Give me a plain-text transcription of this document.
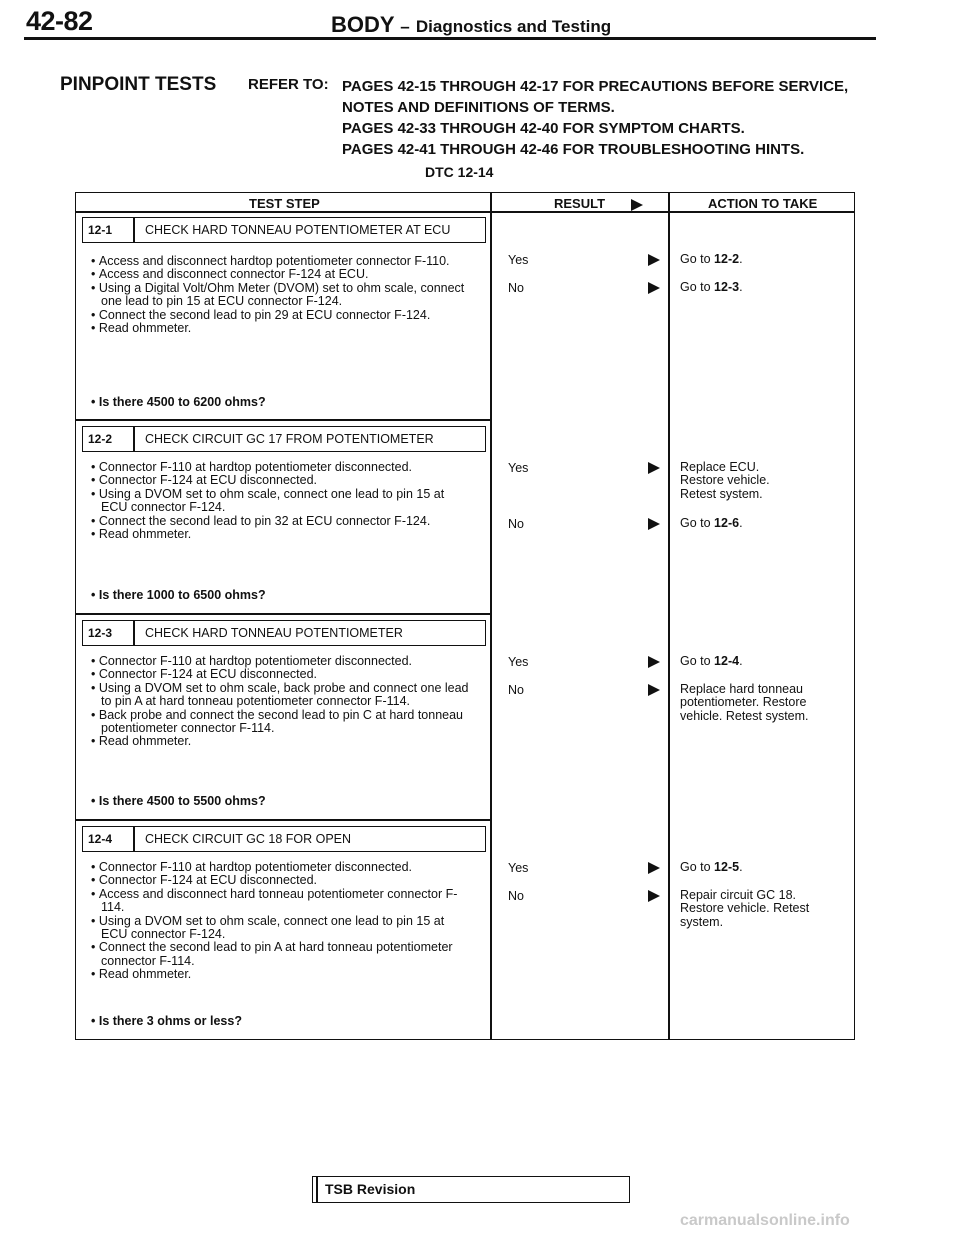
42-82	BODY – Diagnostics and Testing
PINPOINT TESTS REFER TO: PAGES 42-15 THROUGH 42-17 FOR PRECAUTIONS BEFORE SERVICE,
NOTES AND DEFINITIONS OF TERMS.
PAGES 42-33 THROUGH 42-40 FOR SYMPTOM CHARTS.
PAGES 42-41 THROUGH 42-46 FOR TROUBLESHOOTING HINTS.
DTC 12-14
TEST STEP	RESULT	ACTION TO TAKE
12-1	CHECK HARD TONNEAU POTENTIOMETER AT ECU
• Access and disconnect hardtop potentiometer connector F-110.
• Access and disconnect connector F-124 at ECU.
• Using a Digital Volt/Ohm Meter (DVOM) set to ohm scale, connect one lead to pin 15 at ECU connector F-124.
• Connect the second lead to pin 29 at ECU connector F-124.
• Read ohmmeter.
• Is there 4500 to 6200 ohms?
Yes	Go to 12-2.
No	Go to 12-3.
12-2	CHECK CIRCUIT GC 17 FROM POTENTIOMETER
• Connector F-110 at hardtop potentiometer disconnected.
• Connector F-124 at ECU disconnected.
• Using a DVOM set to ohm scale, connect one lead to pin 15 at ECU connector F-124.
• Connect the second lead to pin 32 at ECU connector F-124.
• Read ohmmeter.
• Is there 1000 to 6500 ohms?
Yes	Replace ECU. Restore vehicle. Retest system.
No	Go to 12-6.
12-3	CHECK HARD TONNEAU POTENTIOMETER
• Connector F-110 at hardtop potentiometer disconnected.
• Connector F-124 at ECU disconnected.
• Using a DVOM set to ohm scale, back probe and connect one lead to pin A at hard tonneau potentiometer connector F-114.
• Back probe and connect the second lead to pin C at hard tonneau potentiometer connector F-114.
• Read ohmmeter.
• Is there 4500 to 5500 ohms?
Yes	Go to 12-4.
No	Replace hard tonneau potentiometer. Restore vehicle. Retest system.
12-4	CHECK CIRCUIT GC 18 FOR OPEN
• Connector F-110 at hardtop potentiometer disconnected.
• Connector F-124 at ECU disconnected.
• Access and disconnect hard tonneau potentiometer connector F-114.
• Using a DVOM set to ohm scale, connect one lead to pin 15 at ECU connector F-124.
• Connect the second lead to pin A at hard tonneau potentiometer connector F-114.
• Read ohmmeter.
• Is there 3 ohms or less?
Yes	Go to 12-5.
No	Repair circuit GC 18. Restore vehicle. Retest system.
TSB Revision
carmanualsonline.info
